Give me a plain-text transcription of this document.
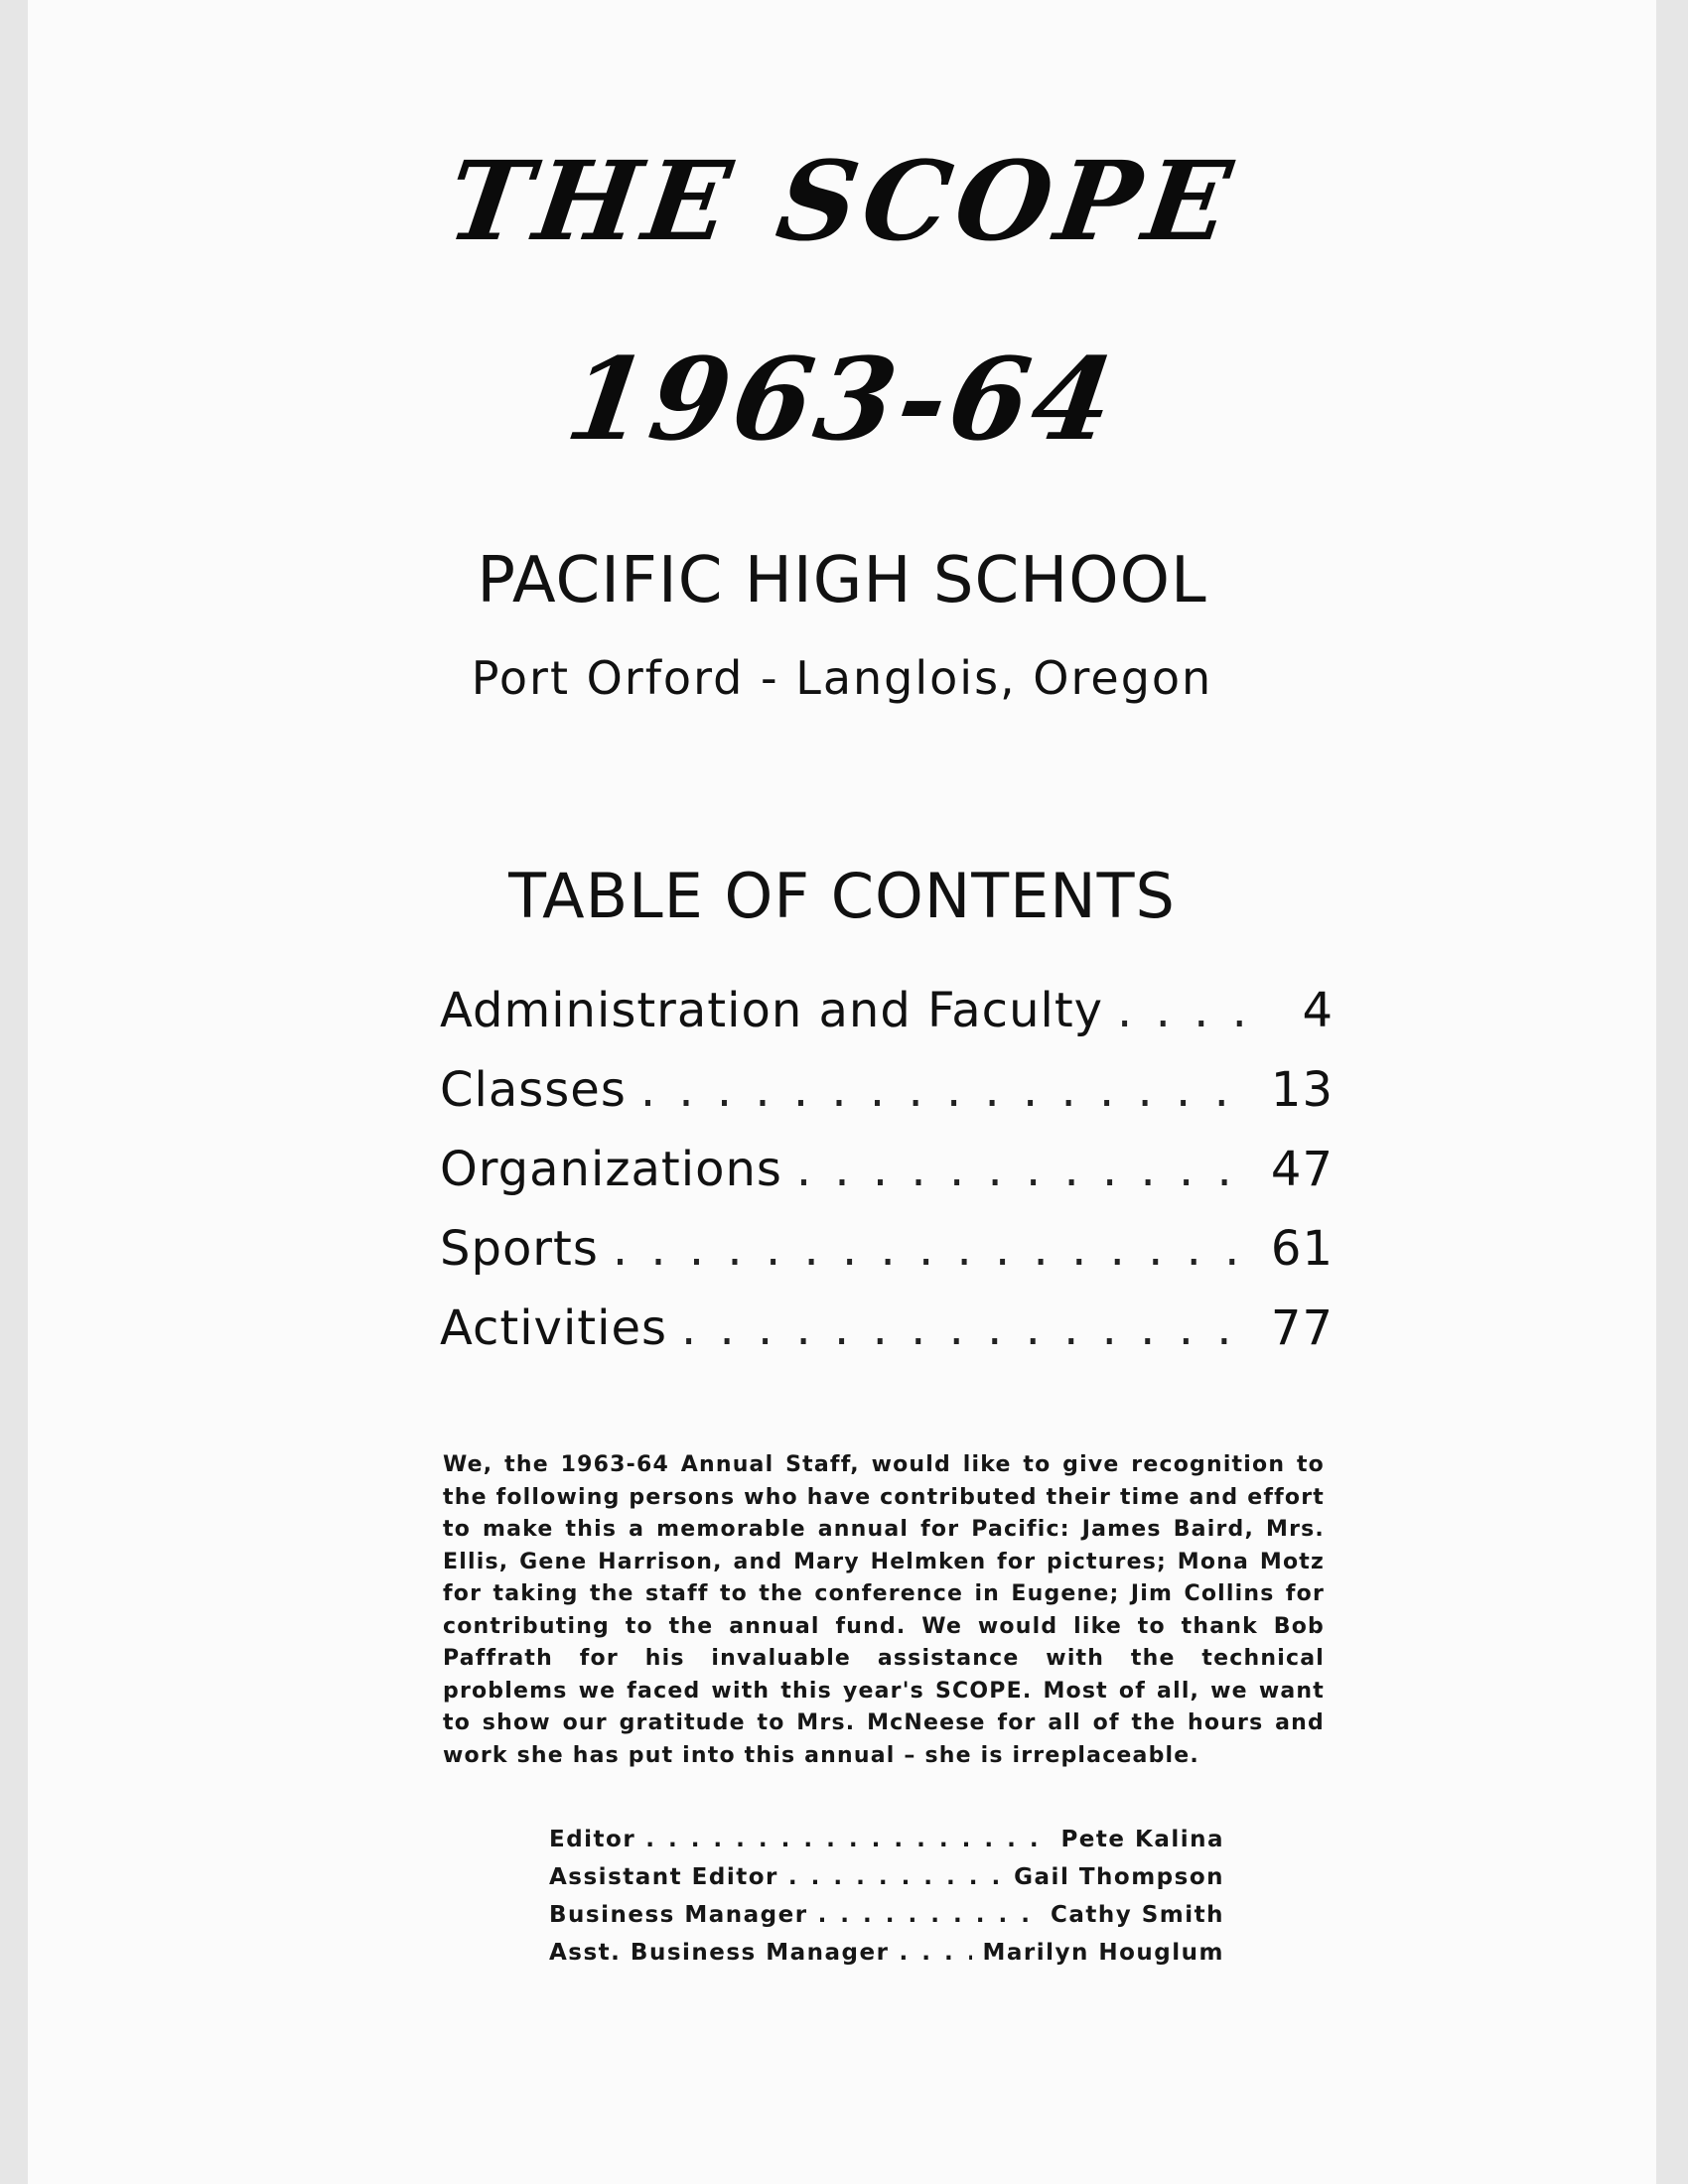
THE SCOPE
1963-64
PACIFIC HIGH SCHOOL
Port Orford - Langlois, Oregon
TABLE OF CONTENTS
Administration and Faculty . . .	4
Classes . . .	13
Organizations . . .	47
Sports . . .	61
Activities . . .	77

We, the 1963-64 Annual Staff, would like to give recognition to the following persons who have contributed their time and effort to make this a memorable annual for Pacific: James Baird, Mrs. Ellis, Gene Harrison, and Mary Helmken for pictures; Mona Motz for taking the staff to the conference in Eugene; Jim Collins for contributing to the annual fund. We would like to thank Bob Paffrath for his invaluable assistance with the technical problems we faced with this year's SCOPE. Most of all, we want to show our gratitude to Mrs. McNeese for all of the hours and work she has put into this annual – she is irreplaceable.

Editor . . .	Pete Kalina
Assistant Editor . . .	Gail Thompson
Business Manager . . .	Cathy Smith
Asst. Business Manager . . .	Marilyn Houglum
